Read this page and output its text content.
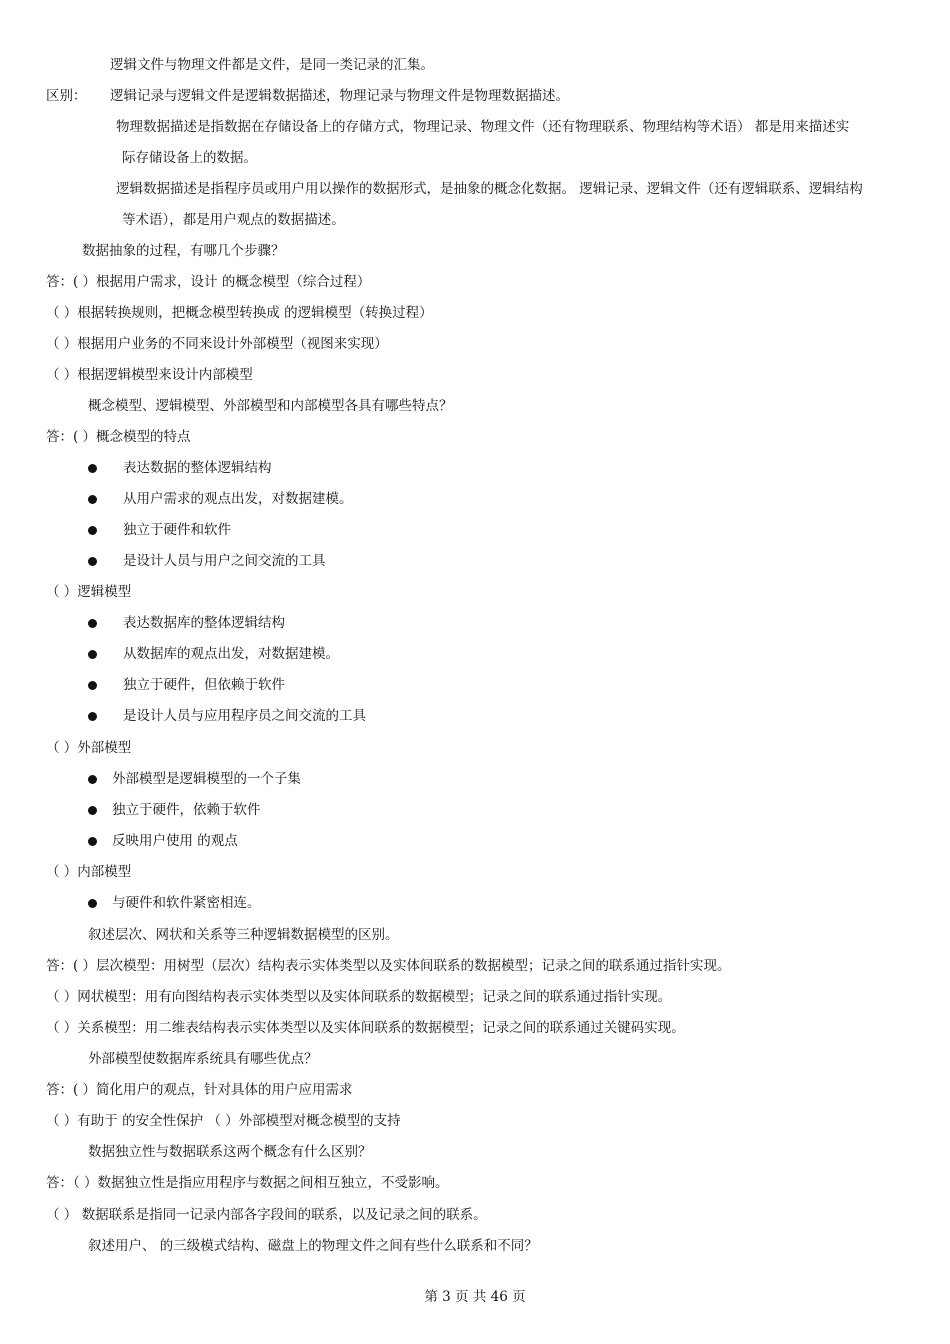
逻辑文件与物理文件都是文件，是同一类记录的汇集。
区别： 逻辑记录与逻辑文件是逻辑数据描述，物理记录与物理文件是物理数据描述。
物理数据描述是指数据在存储设备上的存储方式，物理记录、物理文件（还有物理联系、物理结构等术语） 都是用来描述实
际存储设备上的数据。
逻辑数据描述是指程序员或用户用以操作的数据形式，是抽象的概念化数据。 逻辑记录、逻辑文件（还有逻辑联系、逻辑结构
等术语），都是用户观点的数据描述。
数据抽象的过程，有哪几个步骤？
答：( ）根据用户需求，设计 的概念模型（综合过程）
（ ）根据转换规则，把概念模型转换成 的逻辑模型（转换过程）
（ ）根据用户业务的不同来设计外部模型（视图来实现）
（ ）根据逻辑模型来设计内部模型
概念模型、逻辑模型、外部模型和内部模型各具有哪些特点？
答：( ）概念模型的特点
表达数据的整体逻辑结构
从用户需求的观点出发，对数据建模。
独立于硬件和软件
是设计人员与用户之间交流的工具
（ ）逻辑模型
表达数据库的整体逻辑结构
从数据库的观点出发，对数据建模。
独立于硬件，但依赖于软件
是设计人员与应用程序员之间交流的工具
（ ）外部模型
外部模型是逻辑模型的一个子集
独立于硬件，依赖于软件
反映用户使用 的观点
（ ）内部模型
与硬件和软件紧密相连。
叙述层次、网状和关系等三种逻辑数据模型的区别。
答：( ）层次模型：用树型（层次）结构表示实体类型以及实体间联系的数据模型；记录之间的联系通过指针实现。
（ ）网状模型：用有向图结构表示实体类型以及实体间联系的数据模型；记录之间的联系通过指针实现。
（ ）关系模型：用二维表结构表示实体类型以及实体间联系的数据模型；记录之间的联系通过关键码实现。
外部模型使数据库系统具有哪些优点？
答：( ）简化用户的观点，针对具体的用户应用需求
（ ）有助于 的安全性保护 （ ）外部模型对概念模型的支持
数据独立性与数据联系这两个概念有什么区别？
答：（ ）数据独立性是指应用程序与数据之间相互独立，不受影响。
（ ） 数据联系是指同一记录内部各字段间的联系，以及记录之间的联系。
叙述用户、 的三级模式结构、磁盘上的物理文件之间有些什么联系和不同？
第 3 页 共 46 页
